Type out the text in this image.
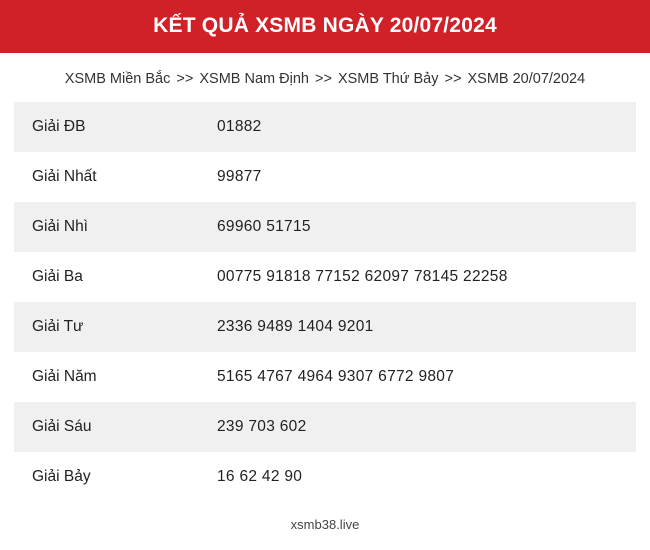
KẾT QUẢ XSMB NGÀY 20/07/2024
XSMB Miền Bắc >> XSMB Nam Định >> XSMB Thứ Bảy >> XSMB 20/07/2024
Giải ĐB	01882
Giải Nhất	99877
Giải Nhì	69960 51715
Giải Ba	00775 91818 77152 62097 78145 22258
Giải Tư	2336 9489 1404 9201
Giải Năm	5165 4767 4964 9307 6772 9807
Giải Sáu	239 703 602
Giải Bảy	16 62 42 90
xsmb38.live
